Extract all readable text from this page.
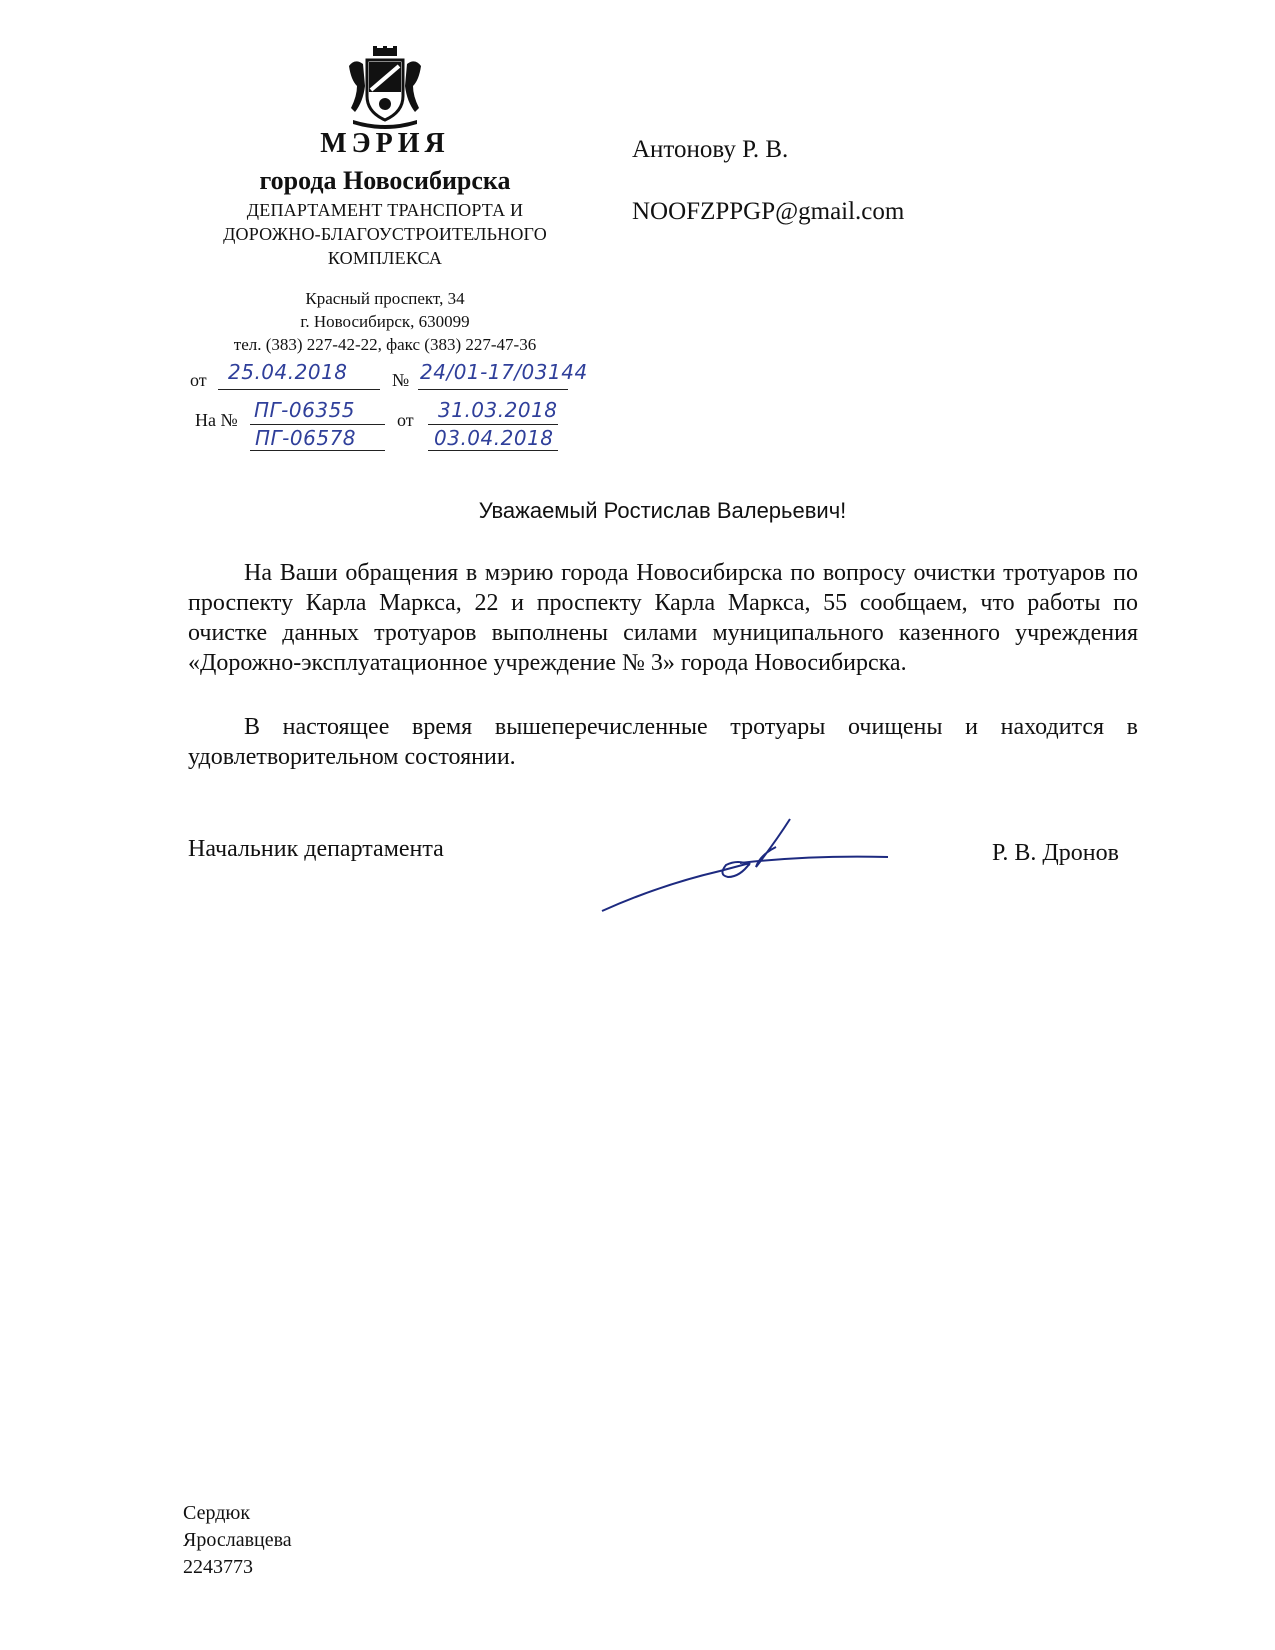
МЭРИЯ

города Новосибирска

ДЕПАРТАМЕНТ ТРАНСПОРТА И
ДОРОЖНО-БЛАГОУСТРОИТЕЛЬНОГО
КОМПЛЕКСА
Красный проспект, 34
г. Новосибирск, 630099
тел. (383) 227-42-22, факс (383) 227-47-36
от 25.04.2018 № 24/01-17/03144
На № ПГ-06355
ПГ-06578
от 31.03.2018
03.04.2018
Антонову Р. В.
NOOFZPPGP@gmail.com

Уважаемый Ростислав Валерьевич!

На Ваши обращения в мэрию города Новосибирска по вопросу очистки тротуаров по проспекту Карла Маркса, 22 и проспекту Карла Маркса, 55 сообщаем, что работы по очистке данных тротуаров выполнены силами муниципального казенного учреждения «Дорожно-эксплуатационное учреждение № 3» города Новосибирска.

В настоящее время вышеперечисленные тротуары очищены и находится в удовлетворительном состоянии.

Начальник департамента	Р. В. Дронов
Сердюк
Ярославцева
2243773
